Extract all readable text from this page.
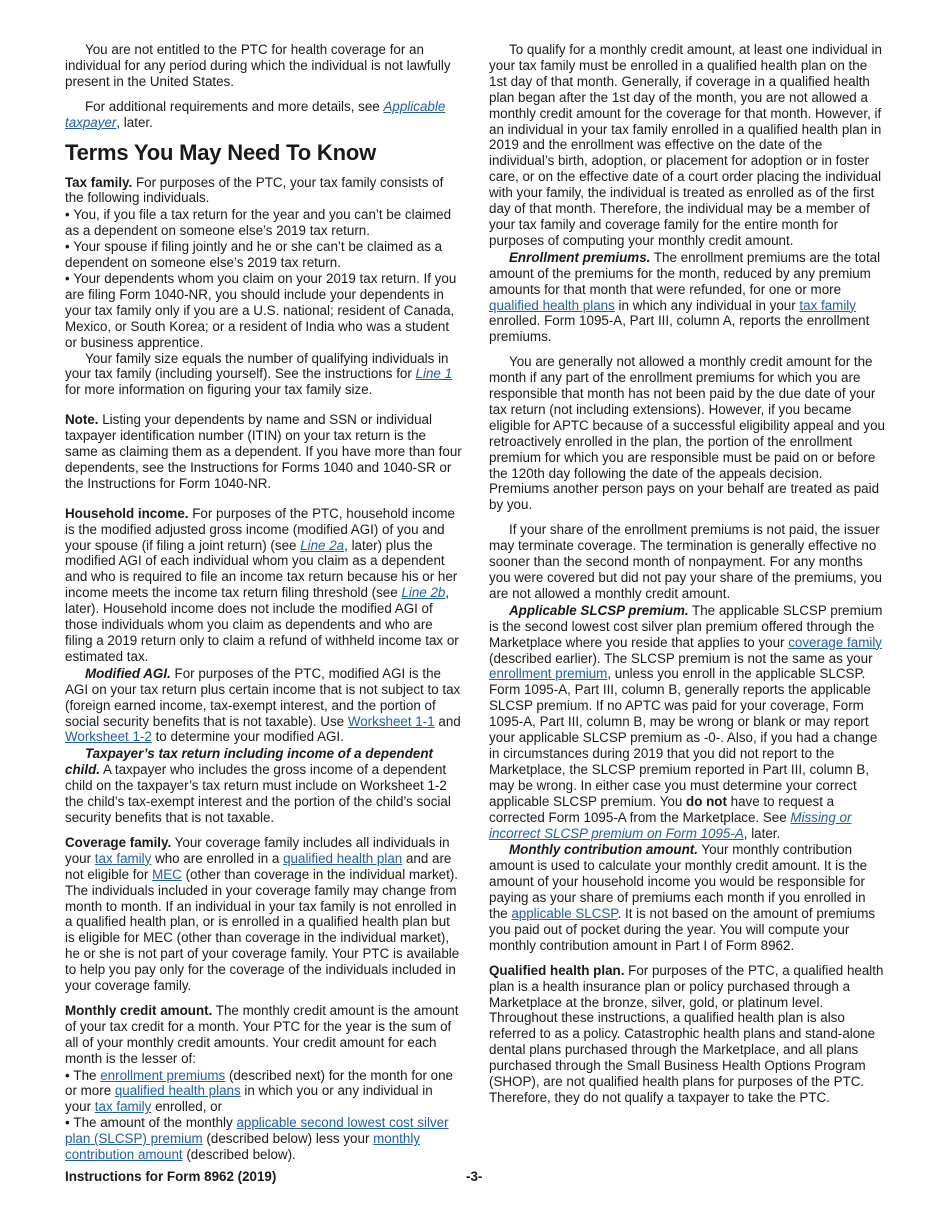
You are not entitled to the PTC for health coverage for an individual for any period during which the individual is not lawfully present in the United States.

For additional requirements and more details, see Applicable taxpayer, later.

Terms You May Need To Know

Tax family. For purposes of the PTC, your tax family consists of the following individuals.

• You, if you file a tax return for the year and you can’t be claimed as a dependent on someone else’s 2019 tax return.

• Your spouse if filing jointly and he or she can’t be claimed as a dependent on someone else’s 2019 tax return.

• Your dependents whom you claim on your 2019 tax return. If you are filing Form 1040-NR, you should include your dependents in your tax family only if you are a U.S. national; resident of Canada, Mexico, or South Korea; or a resident of India who was a student or business apprentice.

Your family size equals the number of qualifying individuals in your tax family (including yourself). See the instructions for Line 1 for more information on figuring your tax family size.

Note. Listing your dependents by name and SSN or individual taxpayer identification number (ITIN) on your tax return is the same as claiming them as a dependent. If you have more than four dependents, see the Instructions for Forms 1040 and 1040-SR or the Instructions for Form 1040-NR.

Household income. For purposes of the PTC, household income is the modified adjusted gross income (modified AGI) of you and your spouse (if filing a joint return) (see Line 2a, later) plus the modified AGI of each individual whom you claim as a dependent and who is required to file an income tax return because his or her income meets the income tax return filing threshold (see Line 2b, later). Household income does not include the modified AGI of those individuals whom you claim as dependents and who are filing a 2019 return only to claim a refund of withheld income tax or estimated tax.

Modified AGI. For purposes of the PTC, modified AGI is the AGI on your tax return plus certain income that is not subject to tax (foreign earned income, tax-exempt interest, and the portion of social security benefits that is not taxable). Use Worksheet 1-1 and Worksheet 1-2 to determine your modified AGI.

Taxpayer’s tax return including income of a dependent child. A taxpayer who includes the gross income of a dependent child on the taxpayer’s tax return must include on Worksheet 1-2 the child’s tax-exempt interest and the portion of the child’s social security benefits that is not taxable.

Coverage family. Your coverage family includes all individuals in your tax family who are enrolled in a qualified health plan and are not eligible for MEC (other than coverage in the individual market). The individuals included in your coverage family may change from month to month. If an individual in your tax family is not enrolled in a qualified health plan, or is enrolled in a qualified health plan but is eligible for MEC (other than coverage in the individual market), he or she is not part of your coverage family. Your PTC is available to help you pay only for the coverage of the individuals included in your coverage family.

Monthly credit amount. The monthly credit amount is the amount of your tax credit for a month. Your PTC for the year is the sum of all of your monthly credit amounts. Your credit amount for each month is the lesser of:

• The enrollment premiums (described next) for the month for one or more qualified health plans in which you or any individual in your tax family enrolled, or

• The amount of the monthly applicable second lowest cost silver plan (SLCSP) premium (described below) less your monthly contribution amount (described below).

To qualify for a monthly credit amount, at least one individual in your tax family must be enrolled in a qualified health plan on the 1st day of that month. Generally, if coverage in a qualified health plan began after the 1st day of the month, you are not allowed a monthly credit amount for the coverage for that month. However, if an individual in your tax family enrolled in a qualified health plan in 2019 and the enrollment was effective on the date of the individual’s birth, adoption, or placement for adoption or in foster care, or on the effective date of a court order placing the individual with your family, the individual is treated as enrolled as of the first day of that month. Therefore, the individual may be a member of your tax family and coverage family for the entire month for purposes of computing your monthly credit amount.

Enrollment premiums. The enrollment premiums are the total amount of the premiums for the month, reduced by any premium amounts for that month that were refunded, for one or more qualified health plans in which any individual in your tax family enrolled. Form 1095-A, Part III, column A, reports the enrollment premiums.

You are generally not allowed a monthly credit amount for the month if any part of the enrollment premiums for which you are responsible that month has not been paid by the due date of your tax return (not including extensions). However, if you became eligible for APTC because of a successful eligibility appeal and you retroactively enrolled in the plan, the portion of the enrollment premium for which you are responsible must be paid on or before the 120th day following the date of the appeals decision. Premiums another person pays on your behalf are treated as paid by you.

If your share of the enrollment premiums is not paid, the issuer may terminate coverage. The termination is generally effective no sooner than the second month of nonpayment. For any months you were covered but did not pay your share of the premiums, you are not allowed a monthly credit amount.

Applicable SLCSP premium. The applicable SLCSP premium is the second lowest cost silver plan premium offered through the Marketplace where you reside that applies to your coverage family (described earlier). The SLCSP premium is not the same as your enrollment premium, unless you enroll in the applicable SLCSP. Form 1095-A, Part III, column B, generally reports the applicable SLCSP premium. If no APTC was paid for your coverage, Form 1095-A, Part III, column B, may be wrong or blank or may report your applicable SLCSP premium as -0-. Also, if you had a change in circumstances during 2019 that you did not report to the Marketplace, the SLCSP premium reported in Part III, column B, may be wrong. In either case you must determine your correct applicable SLCSP premium. You do not have to request a corrected Form 1095-A from the Marketplace. See Missing or incorrect SLCSP premium on Form 1095-A, later.

Monthly contribution amount. Your monthly contribution amount is used to calculate your monthly credit amount. It is the amount of your household income you would be responsible for paying as your share of premiums each month if you enrolled in the applicable SLCSP. It is not based on the amount of premiums you paid out of pocket during the year. You will compute your monthly contribution amount in Part I of Form 8962.

Qualified health plan. For purposes of the PTC, a qualified health plan is a health insurance plan or policy purchased through a Marketplace at the bronze, silver, gold, or platinum level. Throughout these instructions, a qualified health plan is also referred to as a policy. Catastrophic health plans and stand-alone dental plans purchased through the Marketplace, and all plans purchased through the Small Business Health Options Program (SHOP), are not qualified health plans for purposes of the PTC. Therefore, they do not qualify a taxpayer to take the PTC.

Instructions for Form 8962 (2019)	-3-
